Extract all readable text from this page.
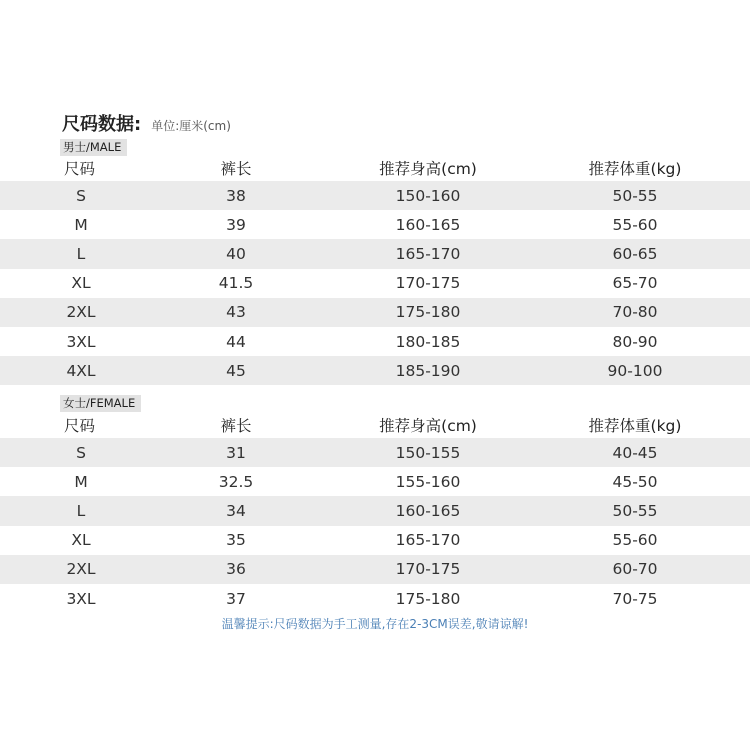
尺码数据: 单位:厘米(cm)
男士/MALE
尺码	裤长	推荐身高(cm)	推荐体重(kg)
S	38	150-160	50-55
M	39	160-165	55-60
L	40	165-170	60-65
XL	41.5	170-175	65-70
2XL	43	175-180	70-80
3XL	44	180-185	80-90
4XL	45	185-190	90-100
女士/FEMALE
尺码	裤长	推荐身高(cm)	推荐体重(kg)
S	31	150-155	40-45
M	32.5	155-160	45-50
L	34	160-165	50-55
XL	35	165-170	55-60
2XL	36	170-175	60-70
3XL	37	175-180	70-75
温馨提示:尺码数据为手工测量,存在2-3CM误差,敬请谅解!
